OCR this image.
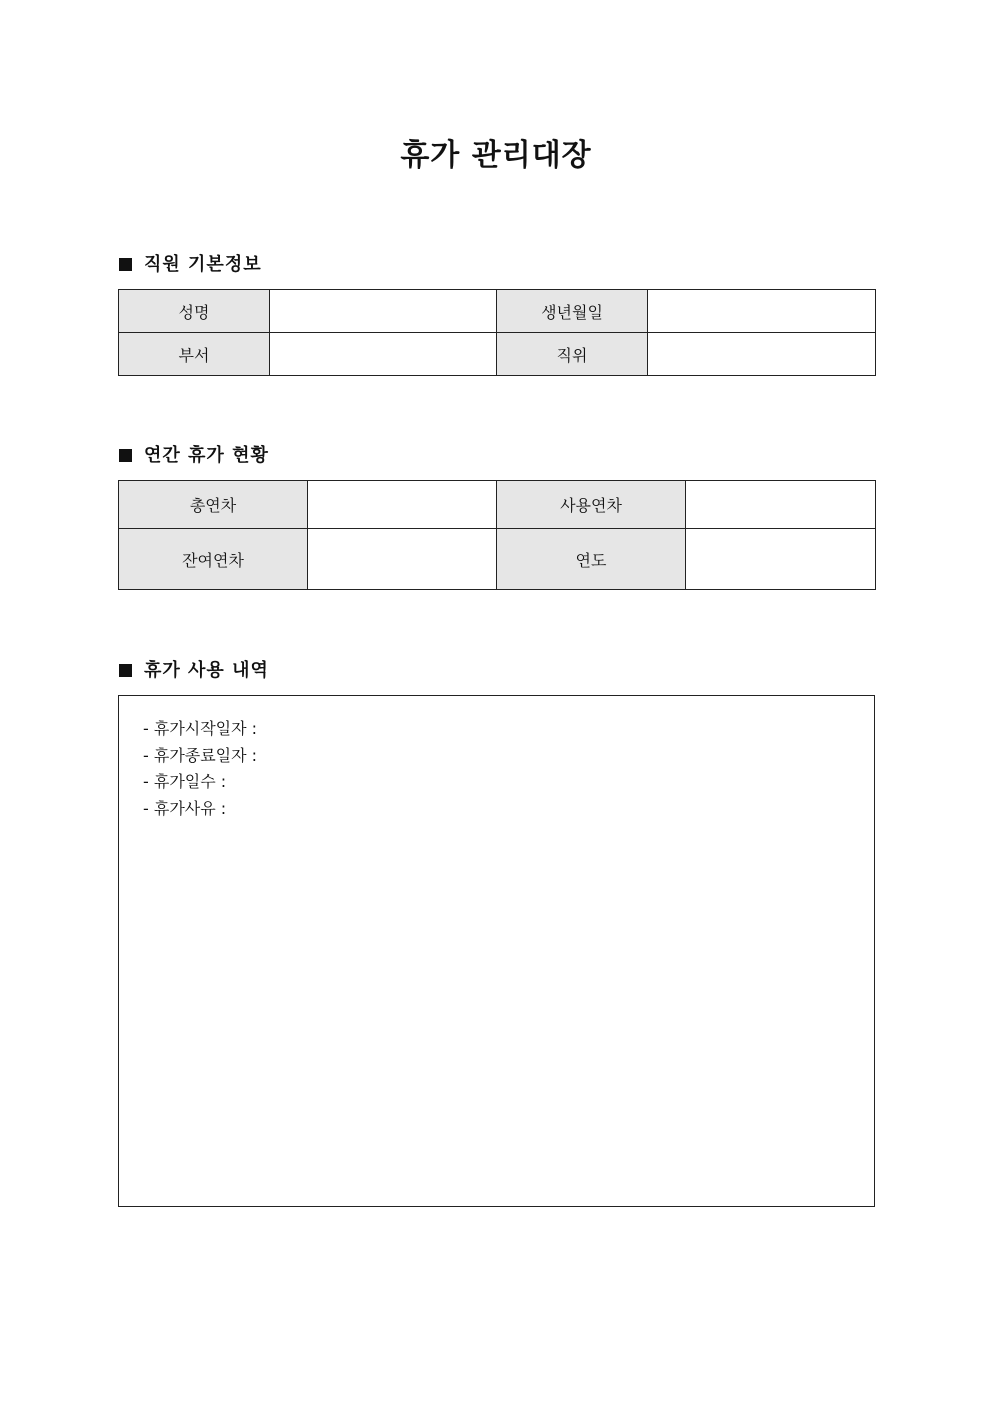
휴가 관리대장
직원 기본정보
성명		생년월일	
부서		직위	
연간 휴가 현황
총연차		사용연차	
잔여연차		연도	
휴가 사용 내역
- 휴가시작일자 :
- 휴가종료일자 :
- 휴가일수 :
- 휴가사유 :
